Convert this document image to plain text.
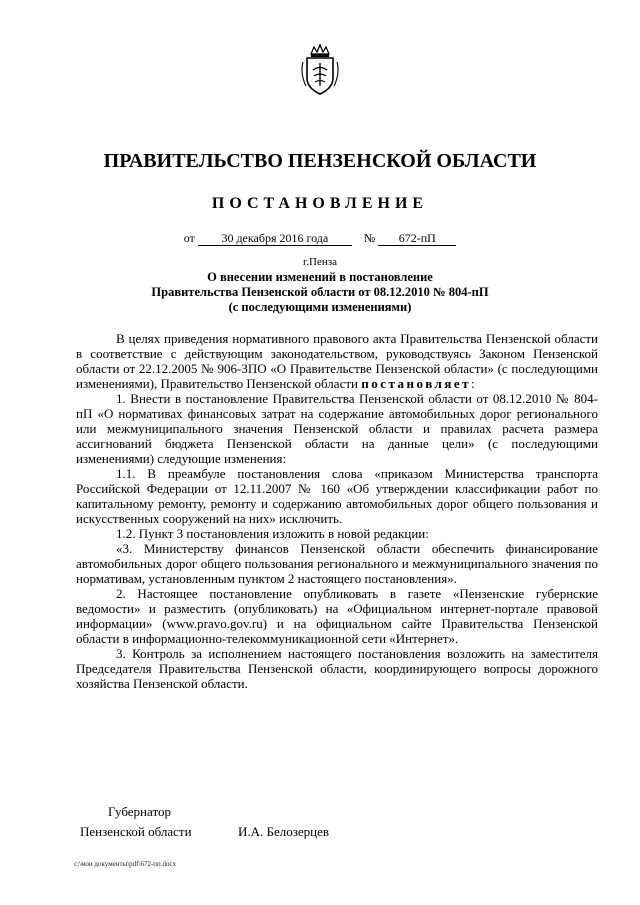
ПРАВИТЕЛЬСТВО ПЕНЗЕНСКОЙ ОБЛАСТИ
ПОСТАНОВЛЕНИЕ
от 30 декабря 2016 года	№ 672-пП
г.Пенза
О внесении изменений в постановление
Правительства Пензенской области от 08.12.2010 № 804-пП
(с последующими изменениями)

В целях приведения нормативного правового акта Правительства Пензенской области в соответствие с действующим законодательством, руководствуясь Законом Пензенской области от 22.12.2005 № 906-ЗПО «О Правительстве Пензенской области» (с последующими изменениями), Правительство Пензенской области постановляет:

1. Внести в постановление Правительства Пензенской области от 08.12.2010 № 804-пП «О нормативах финансовых затрат на содержание автомобильных дорог регионального или межмуниципального значения Пензенской области и правилах расчета размера ассигнований бюджета Пензенской области на данные цели» (с последующими изменениями) следующие изменения:

1.1. В преамбуле постановления слова «приказом Министерства транспорта Российской Федерации от 12.11.2007 № 160 «Об утверждении классификации работ по капитальному ремонту, ремонту и содержанию автомобильных дорог общего пользования и искусственных сооружений на них» исключить.

1.2. Пункт 3 постановления изложить в новой редакции:

«3. Министерству финансов Пензенской области обеспечить финансирование автомобильных дорог общего пользования регионального и межмуниципального значения по нормативам, установленным пунктом 2 настоящего постановления».

2. Настоящее постановление опубликовать в газете «Пензенские губернские ведомости» и разместить (опубликовать) на «Официальном интернет-портале правовой информации» (www.pravo.gov.ru) и на официальном сайте Правительства Пензенской области в информационно-телекоммуникационной сети «Интернет».

3. Контроль за исполнением настоящего постановления возложить на заместителя Председателя Правительства Пензенской области, координирующего вопросы дорожного хозяйства Пензенской области.

Губернатор
Пензенской области	И.А. Белозерцев
c:\мои документы\pdf\672-пп.docx
